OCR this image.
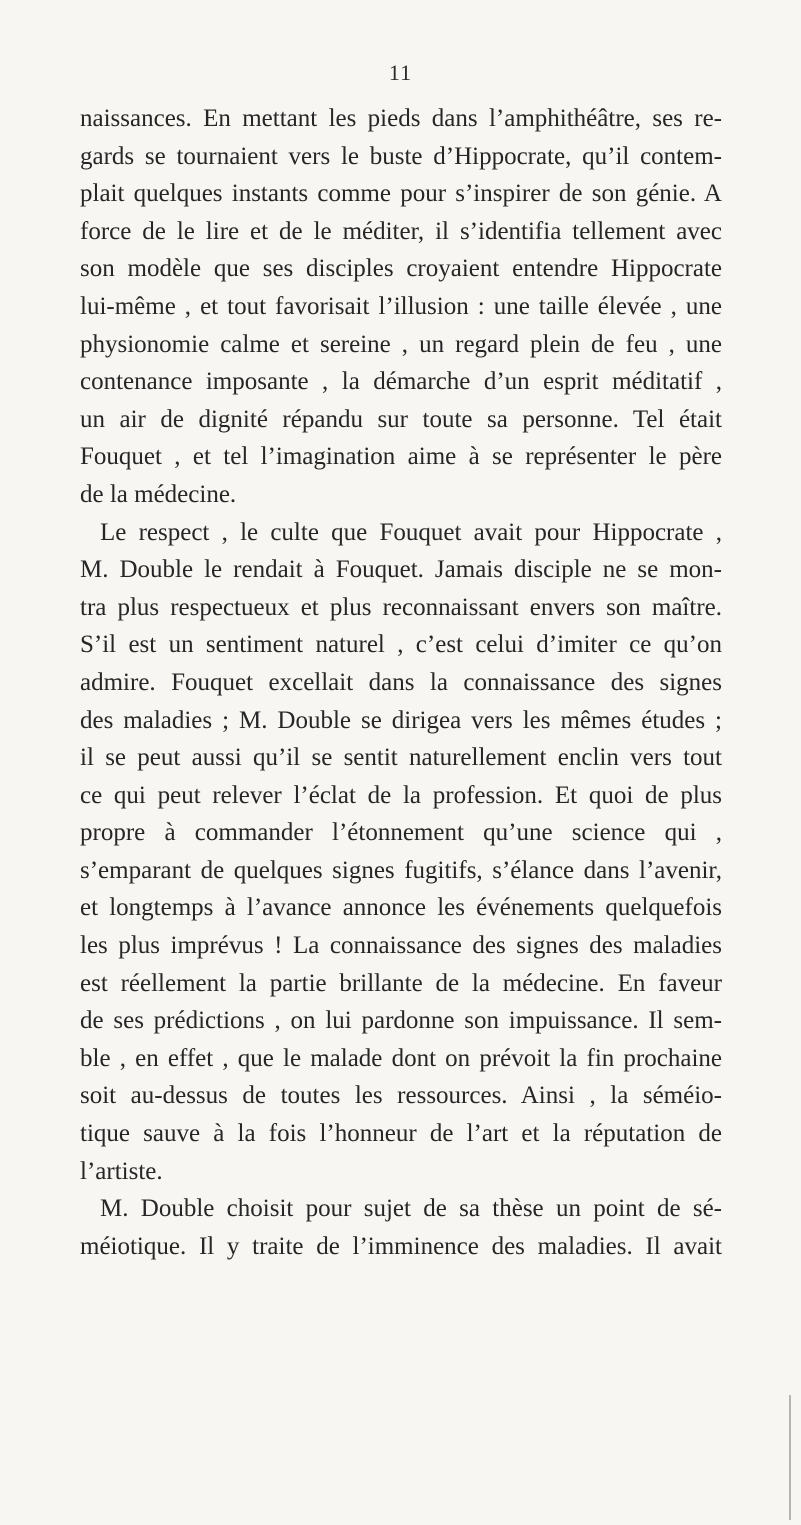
11
naissances. En mettant les pieds dans l’amphithéâtre, ses re-
gards se tournaient vers le buste d’Hippocrate, qu’il contem-
plait quelques instants comme pour s’inspirer de son génie. A
force de le lire et de le méditer, il s’identifia tellement avec
son modèle que ses disciples croyaient entendre Hippocrate
lui-même , et tout favorisait l’illusion : une taille élevée , une
physionomie calme et sereine , un regard plein de feu , une
contenance imposante , la démarche d’un esprit méditatif ,
un air de dignité répandu sur toute sa personne. Tel était
Fouquet , et tel l’imagination aime à se représenter le père
de la médecine.
Le respect , le culte que Fouquet avait pour Hippocrate ,
M. Double le rendait à Fouquet. Jamais disciple ne se mon-
tra plus respectueux et plus reconnaissant envers son maître.
S’il est un sentiment naturel , c’est celui d’imiter ce qu’on
admire. Fouquet excellait dans la connaissance des signes
des maladies ; M. Double se dirigea vers les mêmes études ;
il se peut aussi qu’il se sentit naturellement enclin vers tout
ce qui peut relever l’éclat de la profession. Et quoi de plus
propre à commander l’étonnement qu’une science qui ,
s’emparant de quelques signes fugitifs, s’élance dans l’avenir,
et longtemps à l’avance annonce les événements quelquefois
les plus imprévus ! La connaissance des signes des maladies
est réellement la partie brillante de la médecine. En faveur
de ses prédictions , on lui pardonne son impuissance. Il sem-
ble , en effet , que le malade dont on prévoit la fin prochaine
soit au-dessus de toutes les ressources. Ainsi , la séméio-
tique sauve à la fois l’honneur de l’art et la réputation de
l’artiste.
M. Double choisit pour sujet de sa thèse un point de sé-
méiotique. Il y traite de l’imminence des maladies. Il avait
